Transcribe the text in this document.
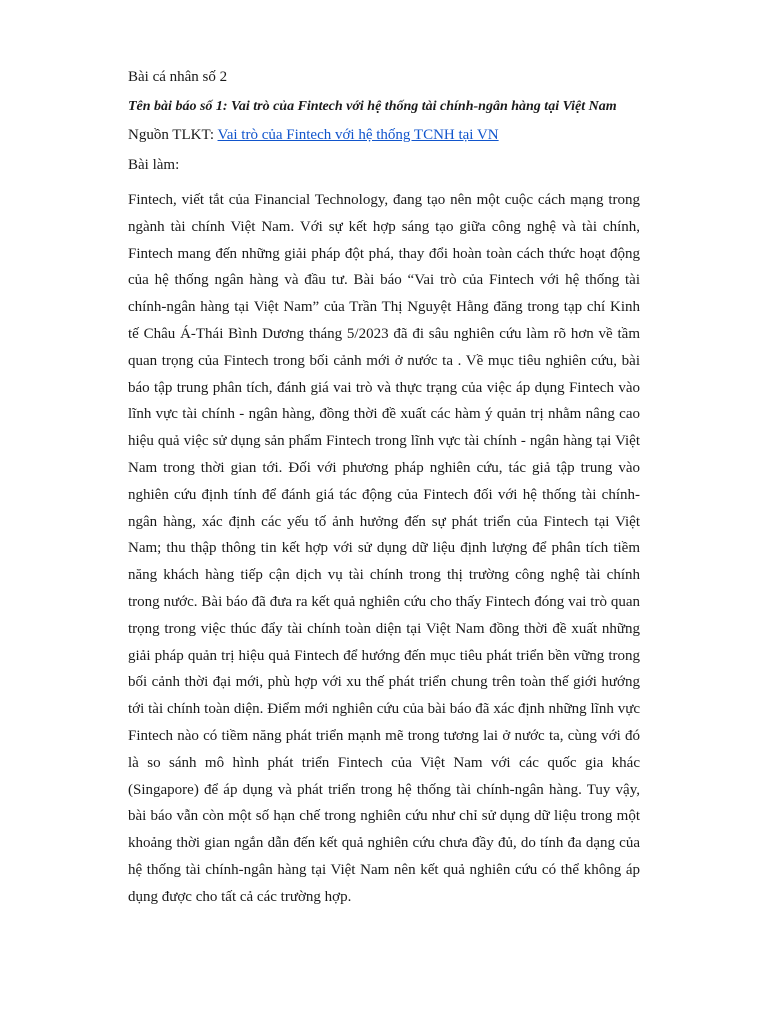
Bài cá nhân số 2

Tên bài báo số 1: Vai trò của Fintech với hệ thống tài chính-ngân hàng tại Việt Nam

Nguồn TLKT: Vai trò của Fintech với hệ thống TCNH tại VN

Bài làm:

Fintech, viết tắt của Financial Technology, đang tạo nên một cuộc cách mạng trong ngành tài chính Việt Nam. Với sự kết hợp sáng tạo giữa công nghệ và tài chính, Fintech mang đến những giải pháp đột phá, thay đổi hoàn toàn cách thức hoạt động của hệ thống ngân hàng và đầu tư. Bài báo “Vai trò của Fintech với hệ thống tài chính-ngân hàng tại Việt Nam” của Trần Thị Nguyệt Hằng đăng trong tạp chí Kinh tế Châu Á-Thái Bình Dương tháng 5/2023 đã đi sâu nghiên cứu làm rõ hơn về tầm quan trọng của Fintech trong bối cảnh mới ở nước ta . Về mục tiêu nghiên cứu, bài báo tập trung phân tích, đánh giá vai trò và thực trạng của việc áp dụng Fintech vào lĩnh vực tài chính - ngân hàng, đồng thời đề xuất các hàm ý quản trị nhằm nâng cao hiệu quả việc sử dụng sản phẩm Fintech trong lĩnh vực tài chính - ngân hàng tại Việt Nam trong thời gian tới. Đối với phương pháp nghiên cứu, tác giả tập trung vào nghiên cứu định tính để đánh giá tác động của Fintech đối với hệ thống tài chính-ngân hàng, xác định các yếu tố ảnh hưởng đến sự phát triển của Fintech tại Việt Nam; thu thập thông tin kết hợp với sử dụng dữ liệu định lượng để phân tích tiềm năng khách hàng tiếp cận dịch vụ tài chính trong thị trường công nghệ tài chính trong nước. Bài báo đã đưa ra kết quả nghiên cứu cho thấy Fintech đóng vai trò quan trọng trong việc thúc đẩy tài chính toàn diện tại Việt Nam đồng thời đề xuất những giải pháp quản trị hiệu quả Fintech để hướng đến mục tiêu phát triển bền vững trong bối cảnh thời đại mới, phù hợp với xu thế phát triển chung trên toàn thế giới hướng tới tài chính toàn diện. Điểm mới nghiên cứu của bài báo đã xác định những lĩnh vực Fintech nào có tiềm năng phát triển mạnh mẽ trong tương lai ở nước ta, cùng với đó là so sánh mô hình phát triển Fintech của Việt Nam với các quốc gia khác (Singapore) để áp dụng và phát triển trong hệ thống tài chính-ngân hàng. Tuy vậy, bài báo vẫn còn một số hạn chế trong nghiên cứu như chỉ sử dụng dữ liệu trong một khoảng thời gian ngắn dẫn đến kết quả nghiên cứu chưa đầy đủ, do tính đa dạng của hệ thống tài chính-ngân hàng tại Việt Nam nên kết quả nghiên cứu có thể không áp dụng được cho tất cả các trường hợp.
